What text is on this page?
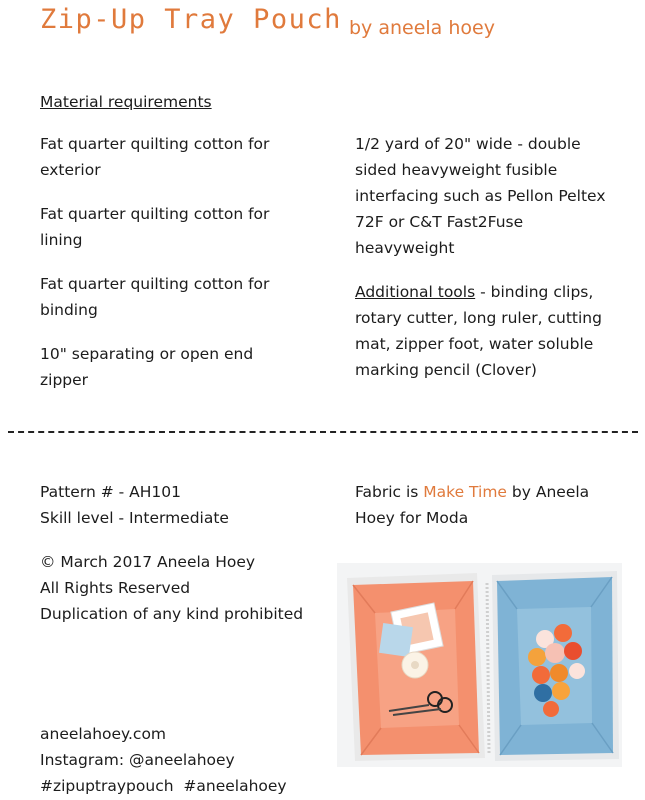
Zip-Up Tray Pouch by aneela hoey
Material requirements

Fat quarter quilting cotton for exterior

Fat quarter quilting cotton for lining

Fat quarter quilting cotton for binding

10" separating or open end zipper

1/2 yard of 20" wide - double sided heavyweight fusible interfacing such as Pellon Peltex 72F or C&T Fast2Fuse heavyweight

Additional tools - binding clips, rotary cutter, long ruler, cutting mat, zipper foot, water soluble marking pencil (Clover)

Pattern # - AH101
Skill level - Intermediate

© March 2017 Aneela Hoey
All Rights Reserved
Duplication of any kind prohibited

Fabric is Make Time by Aneela Hoey for Moda
aneelahoey.com
Instagram: @aneelahoey
#zipuptraypouch  #aneelahoey
